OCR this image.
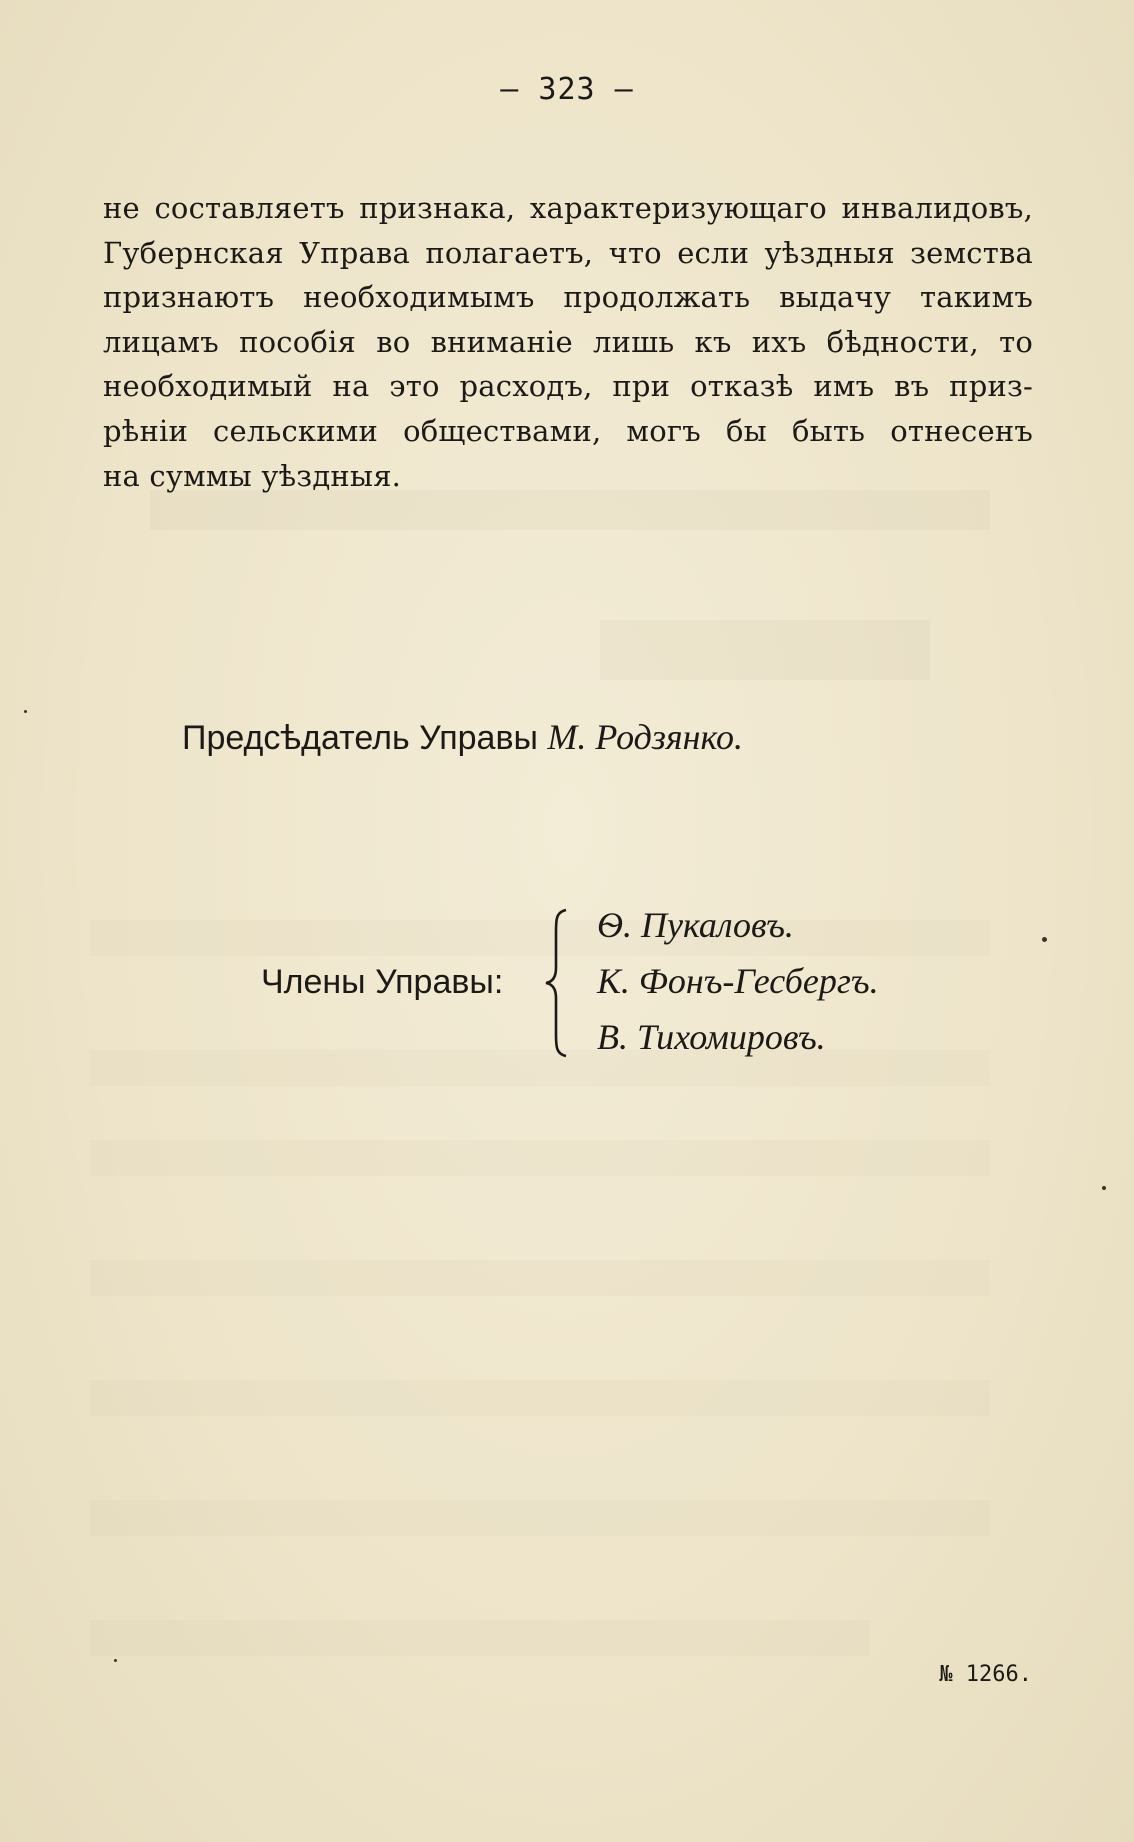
— 323 —
не составляетъ признака, характеризующаго инвалидовъ,
Губернская Управа полагаетъ, что если уѣздныя земства
признаютъ необходимымъ продолжать выдачу такимъ
лицамъ пособія во вниманіе лишь къ ихъ бѣдности, то
необходимый на это расходъ, при отказѣ имъ въ приз-
рѣніи сельскими обществами, могъ бы быть отнесенъ
на суммы уѣздныя.
Предсѣдатель Управы М. Родзянко.
Члены Управы:
Ѳ. Пукаловъ.
К. Фонъ-Гесбергъ.
В. Тихомировъ.
№ 1266.
